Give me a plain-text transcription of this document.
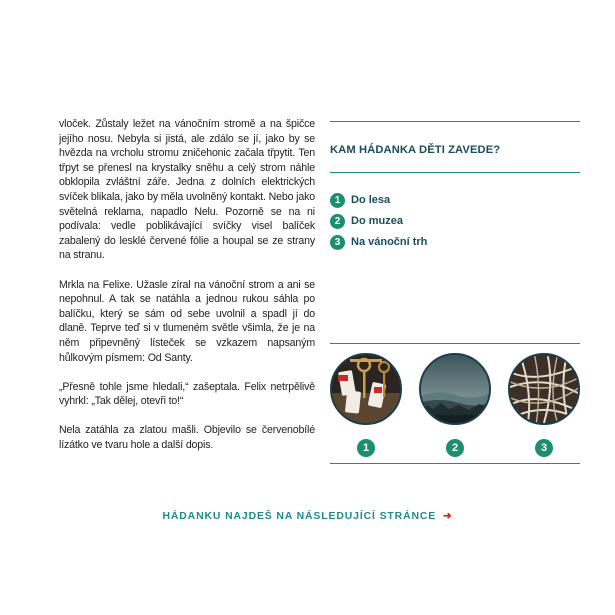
vloček. Zůstaly ležet na vánočním stromě a na špičce jejího nosu. Nebyla si jistá, ale zdálo se jí, jako by se hvězda na vrcholu stromu zničehonic začala třpytit. Ten třpyt se přenesl na krystalky sněhu a celý strom náhle obklopila zvláštní záře. Jedna z dolních elektrických svíček blikala, jako by měla uvolněný kontakt. Nebo jako světelná reklama, napadlo Nelu. Pozorně se na ni podívala: vedle poblikávající svíčky visel balíček zabalený do lesklé červené fólie a houpal se ze strany na stranu.

Mrkla na Felixe. Užasle zíral na vánoční strom a ani se nepohnul. A tak se natáhla a jednou rukou sáhla po balíčku, který se sám od sebe uvolnil a spadl jí do dlaně. Teprve teď si v tlumeném světle všimla, že je na něm připevněný lísteček se vzkazem napsaným hůlkovým písmem: Od Santy.

„Přesně tohle jsme hledali,“ zašeptala. Felix netrpělivě vyhrkl: „Tak dělej, otevři to!“

Nela zatáhla za zlatou mašli. Objevilo se červenobílé lízátko ve tvaru hole a další dopis.

KAM HÁDANKA DĚTI ZAVEDE?
1 Do lesa
2 Do muzea
3 Na vánoční trh
1	2	3
HÁDANKU NAJDEŠ NA NÁSLEDUJÍCÍ STRÁNCE ➜
